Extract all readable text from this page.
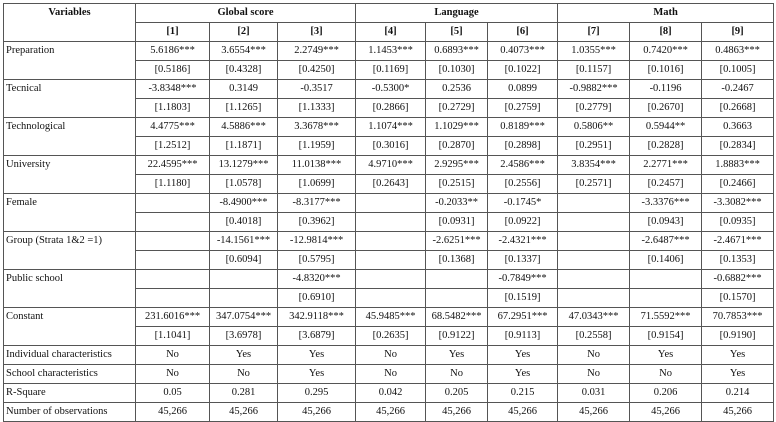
Variables	Global score			Language			Math		
	[1]	[2]	[3]	[4]	[5]	[6]	[7]	[8]	[9]
Preparation	5.6186***	3.6554***	2.2749***	1.1453***	0.6893***	0.4073***	1.0355***	0.7420***	0.4863***
	[0.5186]	[0.4328]	[0.4250]	[0.1169]	[0.1030]	[0.1022]	[0.1157]	[0.1016]	[0.1005]
Tecnical	-3.8348***	0.3149	-0.3517	-0.5300*	0.2536	0.0899	-0.9882***	-0.1196	-0.2467
	[1.1803]	[1.1265]	[1.1333]	[0.2866]	[0.2729]	[0.2759]	[0.2779]	[0.2670]	[0.2668]
Technological	4.4775***	4.5886***	3.3678***	1.1074***	1.1029***	0.8189***	0.5806**	0.5944**	0.3663
	[1.2512]	[1.1871]	[1.1959]	[0.3016]	[0.2870]	[0.2898]	[0.2951]	[0.2828]	[0.2834]
University	22.4595***	13.1279***	11.0138***	4.9710***	2.9295***	2.4586***	3.8354***	2.2771***	1.8883***
	[1.1180]	[1.0578]	[1.0699]	[0.2643]	[0.2515]	[0.2556]	[0.2571]	[0.2457]	[0.2466]
Female		-8.4900***	-8.3177***		-0.2033**	-0.1745*		-3.3376***	-3.3082***
		[0.4018]	[0.3962]		[0.0931]	[0.0922]		[0.0943]	[0.0935]
Group (Strata 1&2 =1)		-14.1561***	-12.9814***		-2.6251***	-2.4321***		-2.6487***	-2.4671***
		[0.6094]	[0.5795]		[0.1368]	[0.1337]		[0.1406]	[0.1353]
Public school			-4.8320***			-0.7849***			-0.6882***
			[0.6910]			[0.1519]			[0.1570]
Constant	231.6016***	347.0754***	342.9118***	45.9485***	68.5482***	67.2951***	47.0343***	71.5592***	70.7853***
	[1.1041]	[3.6978]	[3.6879]	[0.2635]	[0.9122]	[0.9113]	[0.2558]	[0.9154]	[0.9190]
Individual characteristics	No	Yes	Yes	No	Yes	Yes	No	Yes	Yes
School characteristics	No	No	Yes	No	No	Yes	No	No	Yes
R-Square	0.05	0.281	0.295	0.042	0.205	0.215	0.031	0.206	0.214
Number of observations	45,266	45,266	45,266	45,266	45,266	45,266	45,266	45,266	45,266
